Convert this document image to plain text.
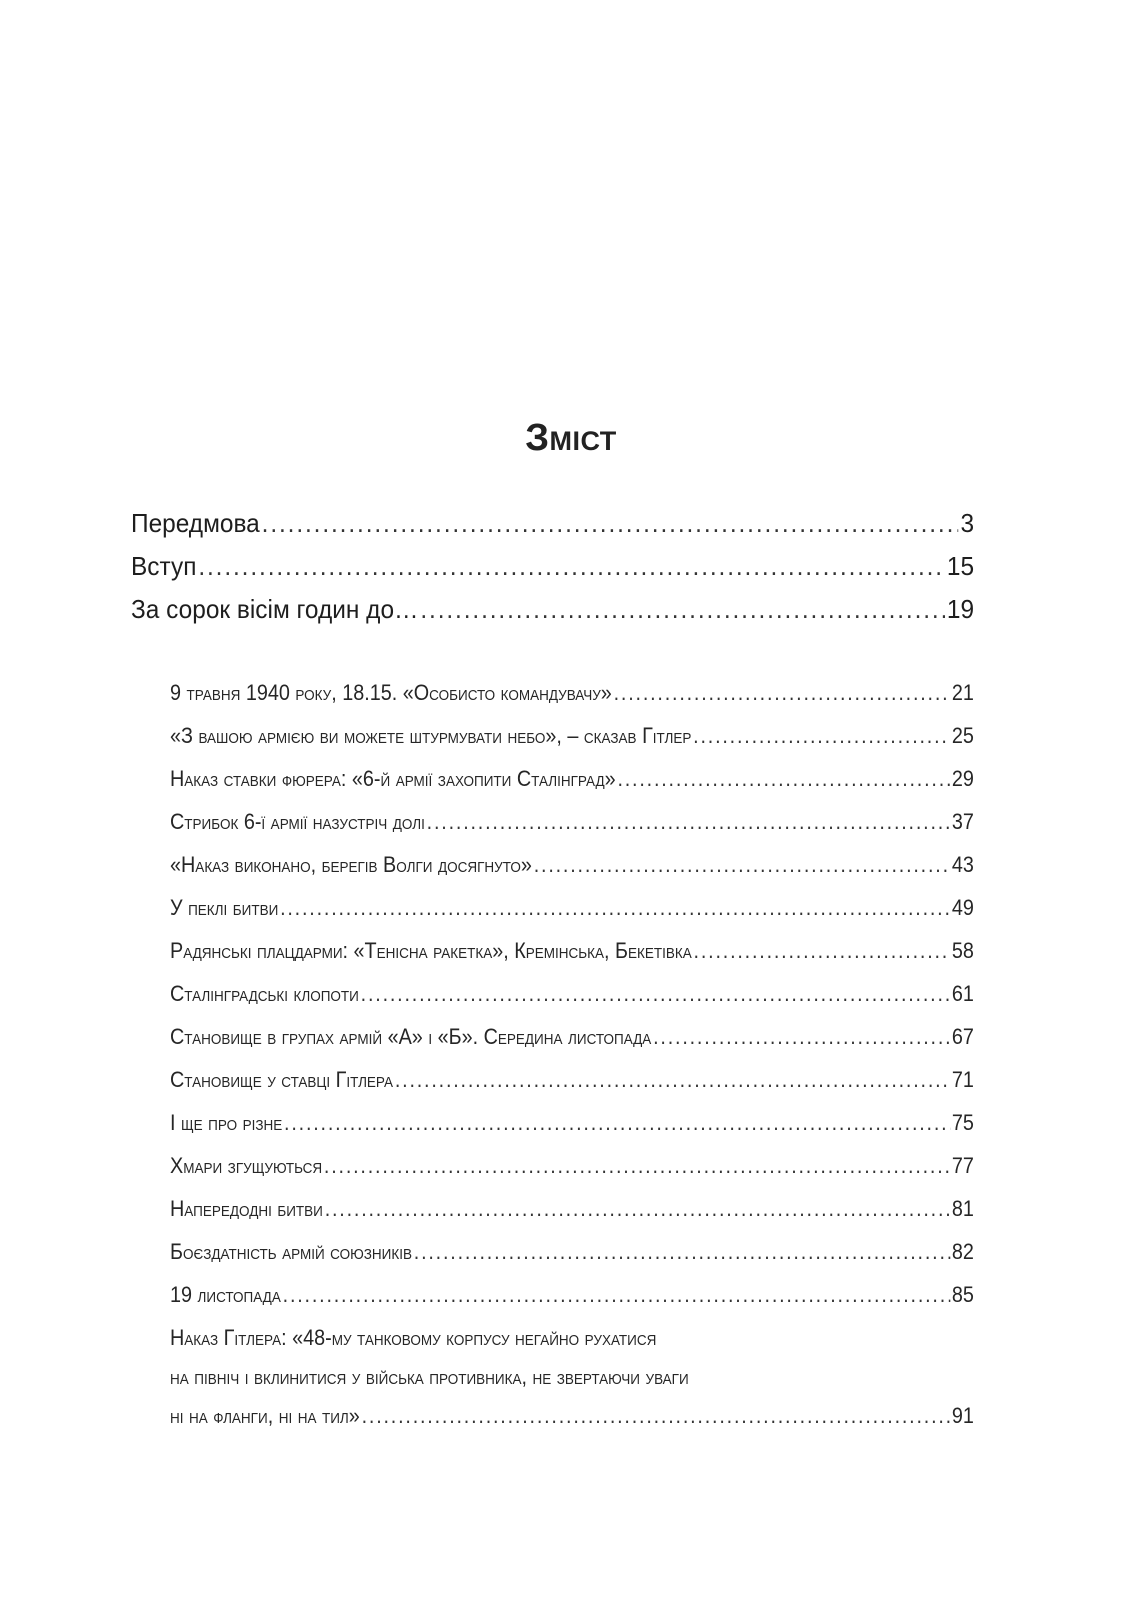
Зміст
Передмова .....	3
Вступ .....	15
За сорок вісім годин до… .....	19
9 травня 1940 року, 18.15. «Особисто командувачу» .....	21
«З вашою армією ви можете штурмувати небо», – сказав Гітлер .....	25
Наказ ставки фюрера: «6-й армії захопити Сталінград» .....	29
Стрибок 6-ї армії назустріч долі .....	37
«Наказ виконано, берегів Волги досягнуто» .....	43
У пеклі битви .....	49
Радянські плацдарми: «Тенісна ракетка», Кремінська, Бекетівка .....	58
Сталінградські клопоти .....	61
Становище в групах армій «А» і «Б». Середина листопада .....	67
Становище у ставці Гітлера .....	71
І ще про різне .....	75
Хмари згущуються .....	77
Напередодні битви .....	81
Боєздатність армій союзників .....	82
19 листопада .....	85
Наказ Гітлера: «48-му танковому корпусу негайно рухатися
на північ і вклинитися у війська противника, не звертаючи уваги
ні на фланги, ні на тил» .....	91
